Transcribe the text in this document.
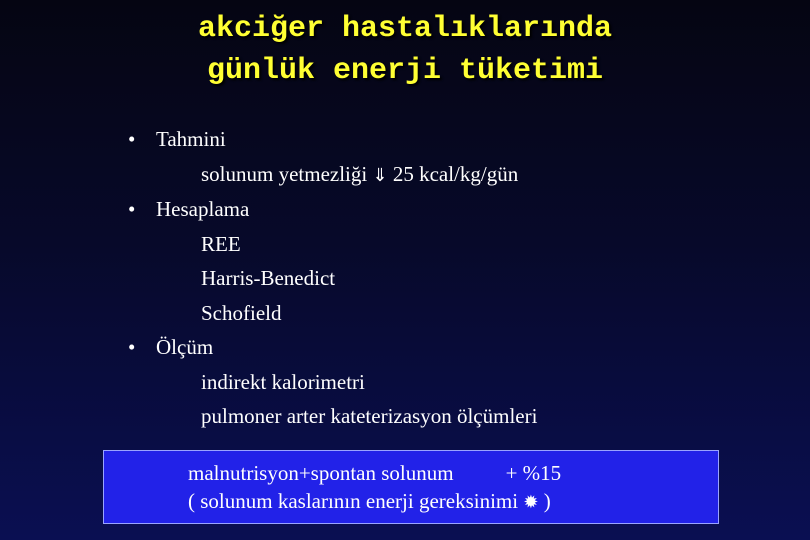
akciğer hastalıklarında
günlük enerji tüketimi
• Tahmini
solunum yetmezliği ⇓ 25 kcal/kg/gün
• Hesaplama
REE
Harris-Benedict
Schofield
• Ölçüm
indirekt kalorimetri
pulmoner arter kateterizasyon ölçümleri
malnutrisyon+spontan solunum + %15
( solunum kaslarının enerji gereksinimi ✹ )
